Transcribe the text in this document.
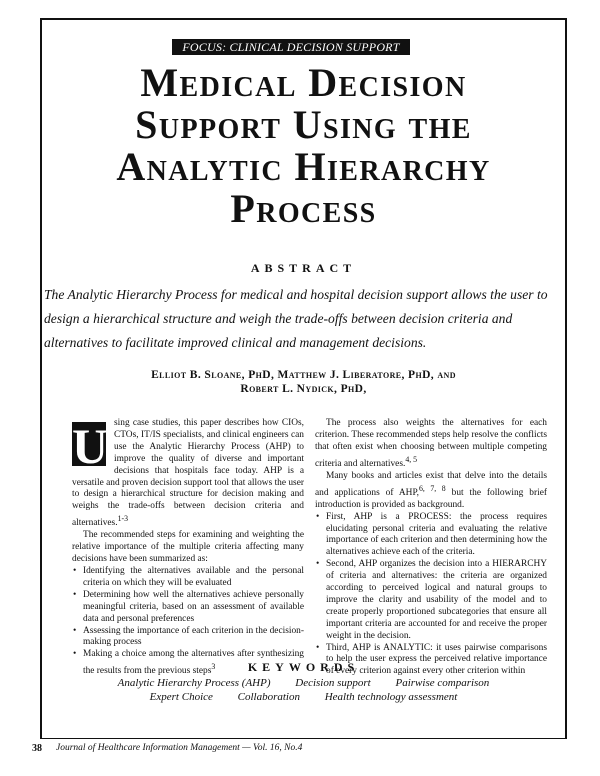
FOCUS: CLINICAL DECISION SUPPORT
Medical Decision
Support Using the
Analytic Hierarchy
Process
ABSTRACT
The Analytic Hierarchy Process for medical and hospital decision support allows the user to design a hierarchical structure and weigh the trade-offs between decision criteria and alternatives to facilitate improved clinical and management decisions.
Elliot B. Sloane, PhD, Matthew J. Liberatore, PhD, and
Robert L. Nydick, PhD,

U sing case studies, this paper describes how CIOs, CTOs, IT/IS specialists, and clinical engineers can use the Analytic Hierarchy Process (AHP) to improve the quality of diverse and important decisions that hospitals face today. AHP is a versatile and proven decision support tool that allows the user to design a hierarchical structure for decision making and weighs the trade-offs between decision criteria and alternatives.$^{1-3}$

The recommended steps for examining and weighting the relative importance of the multiple criteria affecting many decisions have been summarized as:

• Identifying the alternatives available and the personal criteria on which they will be evaluated
• Determining how well the alternatives achieve personally meaningful criteria, based on an assessment of available data and personal preferences
• Assessing the importance of each criterion in the decision-making process
• Making a choice among the alternatives after synthesizing the results from the previous steps$^3$

The process also weights the alternatives for each criterion. These recommended steps help resolve the conflicts that often exist when choosing between multiple competing criteria and alternatives.$^{4, 5}$

Many books and articles exist that delve into the details and applications of AHP,$^{6, 7, 8}$ but the following brief introduction is provided as background.

• First, AHP is a PROCESS: the process requires elucidating personal criteria and evaluating the relative importance of each criterion and then determining how the alternatives achieve each of the criteria.
• Second, AHP organizes the decision into a HIERARCHY of criteria and alternatives: the criteria are organized according to perceived logical and natural groups to improve the clarity and usability of the model and to create properly proportioned subcategories that ensure all important criteria are accounted for and receive the proper weight in the decision.
• Third, AHP is ANALYTIC: it uses pairwise comparisons to help the user express the perceived relative importance of every criterion against every other criterion within
KEYWORDS
Analytic Hierarchy Process (AHP) Decision support Pairwise comparison
Expert Choice Collaboration Health technology assessment
38 Journal of Healthcare Information Management — Vol. 16, No.4
